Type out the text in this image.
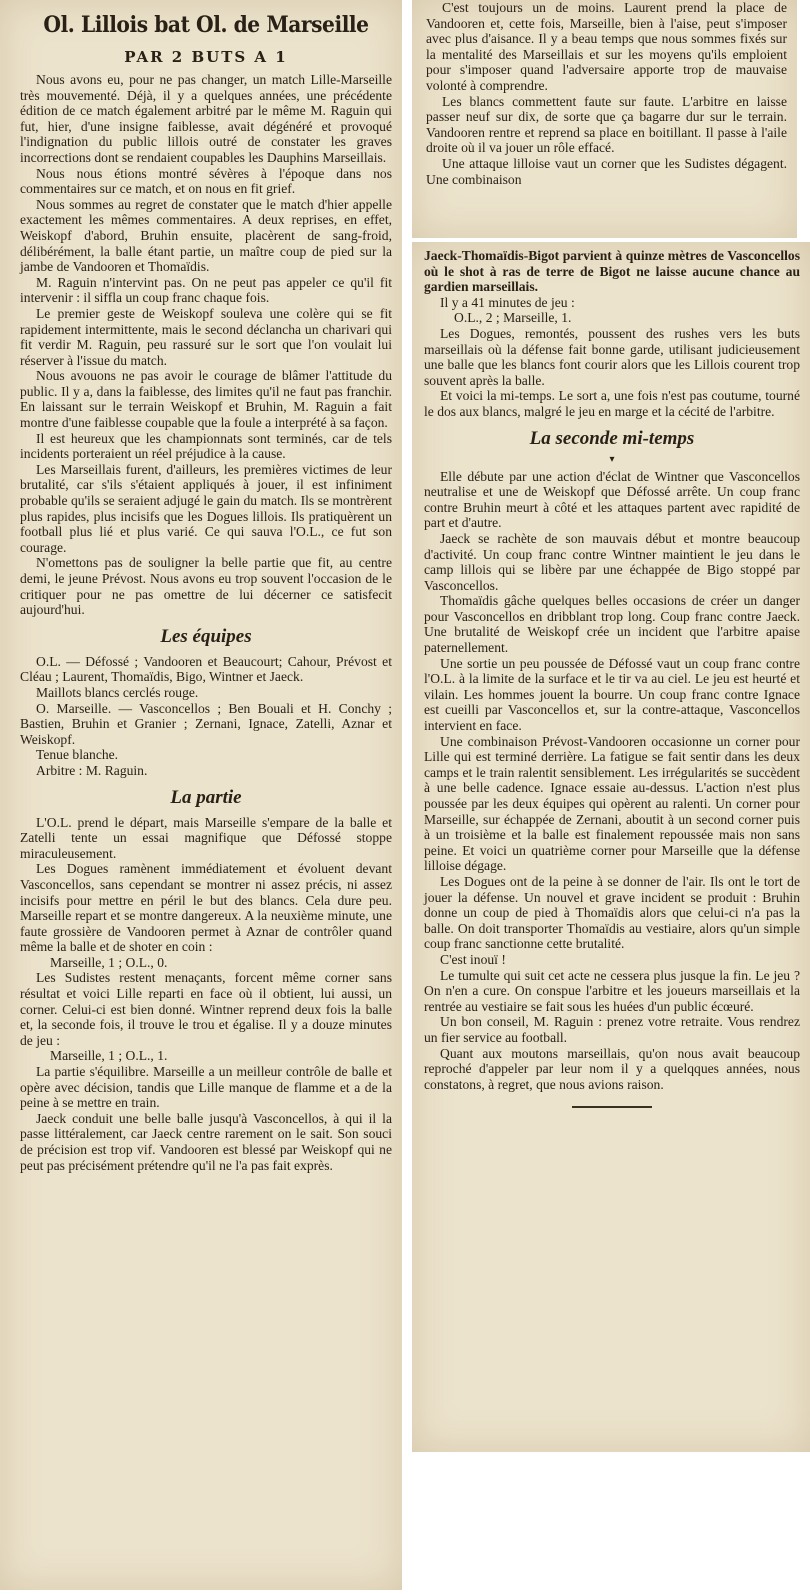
Ol. Lillois bat Ol. de Marseille
PAR 2 BUTS A 1

Nous avons eu, pour ne pas changer, un match Lille-Marseille très mouvementé. Déjà, il y a quelques années, une précédente édition de ce match également arbitré par le même M. Raguin qui fut, hier, d'une insigne faiblesse, avait dégénéré et provoqué l'indignation du public lillois outré de constater les graves incorrections dont se rendaient coupables les Dauphins Marseillais.

Nous nous étions montré sévères à l'époque dans nos commentaires sur ce match, et on nous en fit grief.

Nous sommes au regret de constater que le match d'hier appelle exactement les mêmes commentaires. A deux reprises, en effet, Weiskopf d'abord, Bruhin ensuite, placèrent de sang-froid, délibérément, la balle étant partie, un maître coup de pied sur la jambe de Vandooren et Thomaïdis.

M. Raguin n'intervint pas. On ne peut pas appeler ce qu'il fit intervenir : il siffla un coup franc chaque fois.

Le premier geste de Weiskopf souleva une colère qui se fit rapidement intermittente, mais le second déclancha un charivari qui fit verdir M. Raguin, peu rassuré sur le sort que l'on voulait lui réserver à l'issue du match.

Nous avouons ne pas avoir le courage de blâmer l'attitude du public. Il y a, dans la faiblesse, des limites qu'il ne faut pas franchir. En laissant sur le terrain Weiskopf et Bruhin, M. Raguin a fait montre d'une faiblesse coupable que la foule a interprété à sa façon.

Il est heureux que les championnats sont terminés, car de tels incidents porteraient un réel préjudice à la cause.

Les Marseillais furent, d'ailleurs, les premières victimes de leur brutalité, car s'ils s'étaient appliqués à jouer, il est infiniment probable qu'ils se seraient adjugé le gain du match. Ils se montrèrent plus rapides, plus incisifs que les Dogues lillois. Ils pratiquèrent un football plus lié et plus varié. Ce qui sauva l'O.L., ce fut son courage.

N'omettons pas de souligner la belle partie que fit, au centre demi, le jeune Prévost. Nous avons eu trop souvent l'occasion de le critiquer pour ne pas omettre de lui décerner ce satisfecit aujourd'hui.

Les équipes

O.L. — Défossé ; Vandooren et Beaucourt; Cahour, Prévost et Cléau ; Laurent, Thomaïdis, Bigo, Wintner et Jaeck.

Maillots blancs cerclés rouge.

O. Marseille. — Vasconcellos ; Ben Bouali et H. Conchy ; Bastien, Bruhin et Granier ; Zernani, Ignace, Zatelli, Aznar et Weiskopf.

Tenue blanche.

Arbitre : M. Raguin.

La partie

L'O.L. prend le départ, mais Marseille s'empare de la balle et Zatelli tente un essai magnifique que Défossé stoppe miraculeusement.

Les Dogues ramènent immédiatement et évoluent devant Vasconcellos, sans cependant se montrer ni assez précis, ni assez incisifs pour mettre en péril le but des blancs. Cela dure peu. Marseille repart et se montre dangereux. A la neuxième minute, une faute grossière de Vandooren permet à Aznar de contrôler quand même la balle et de shoter en coin :

Marseille, 1 ; O.L., 0.

Les Sudistes restent menaçants, forcent même corner sans résultat et voici Lille reparti en face où il obtient, lui aussi, un corner. Celui-ci est bien donné. Wintner reprend deux fois la balle et, la seconde fois, il trouve le trou et égalise. Il y a douze minutes de jeu :

Marseille, 1 ; O.L., 1.

La partie s'équilibre. Marseille a un meilleur contrôle de balle et opère avec décision, tandis que Lille manque de flamme et a de la peine à se mettre en train.

Jaeck conduit une belle balle jusqu'à Vasconcellos, à qui il la passe littéralement, car Jaeck centre rarement on le sait. Son souci de précision est trop vif. Vandooren est blessé par Weiskopf qui ne peut pas précisément prétendre qu'il ne l'a pas fait exprès.

C'est toujours un de moins. Laurent prend la place de Vandooren et, cette fois, Marseille, bien à l'aise, peut s'imposer avec plus d'aisance. Il y a beau temps que nous sommes fixés sur la mentalité des Marseillais et sur les moyens qu'ils emploient pour s'imposer quand l'adversaire apporte trop de mauvaise volonté à comprendre.

Les blancs commettent faute sur faute. L'arbitre en laisse passer neuf sur dix, de sorte que ça bagarre dur sur le terrain. Vandooren rentre et reprend sa place en boitillant. Il passe à l'aile droite où il va jouer un rôle effacé.

Une attaque lilloise vaut un corner que les Sudistes dégagent. Une combinaison

Jaeck-Thomaïdis-Bigot parvient à quinze mètres de Vasconcellos où le shot à ras de terre de Bigot ne laisse aucune chance au gardien marseillais.

Il y a 41 minutes de jeu :

O.L., 2 ; Marseille, 1.

Les Dogues, remontés, poussent des rushes vers les buts marseillais où la défense fait bonne garde, utilisant judicieusement une balle que les blancs font courir alors que les Lillois courent trop souvent après la balle.

Et voici la mi-temps. Le sort a, une fois n'est pas coutume, tourné le dos aux blancs, malgré le jeu en marge et la cécité de l'arbitre.

La seconde mi-temps
▾

Elle débute par une action d'éclat de Wintner que Vasconcellos neutralise et une de Weiskopf que Défossé arrête. Un coup franc contre Bruhin meurt à côté et les attaques partent avec rapidité de part et d'autre.

Jaeck se rachète de son mauvais début et montre beaucoup d'activité. Un coup franc contre Wintner maintient le jeu dans le camp lillois qui se libère par une échappée de Bigo stoppé par Vasconcellos.

Thomaïdis gâche quelques belles occasions de créer un danger pour Vasconcellos en dribblant trop long. Coup franc contre Jaeck. Une brutalité de Weiskopf crée un incident que l'arbitre apaise paternellement.

Une sortie un peu poussée de Défossé vaut un coup franc contre l'O.L. à la limite de la surface et le tir va au ciel. Le jeu est heurté et vilain. Les hommes jouent la bourre. Un coup franc contre Ignace est cueilli par Vasconcellos et, sur la contre-attaque, Vasconcellos intervient en face.

Une combinaison Prévost-Vandooren occasionne un corner pour Lille qui est terminé derrière. La fatigue se fait sentir dans les deux camps et le train ralentit sensiblement. Les irrégularités se succèdent à une belle cadence. Ignace essaie au-dessus. L'action n'est plus poussée par les deux équipes qui opèrent au ralenti. Un corner pour Marseille, sur échappée de Zernani, aboutit à un second corner puis à un troisième et la balle est finalement repoussée mais non sans peine. Et voici un quatrième corner pour Marseille que la défense lilloise dégage.

Les Dogues ont de la peine à se donner de l'air. Ils ont le tort de jouer la défense. Un nouvel et grave incident se produit : Bruhin donne un coup de pied à Thomaïdis alors que celui-ci n'a pas la balle. On doit transporter Thomaïdis au vestiaire, alors qu'un simple coup franc sanctionne cette brutalité.

C'est inouï !

Le tumulte qui suit cet acte ne cessera plus jusque la fin. Le jeu ? On n'en a cure. On conspue l'arbitre et les joueurs marseillais et la rentrée au vestiaire se fait sous les huées d'un public écœuré.

Un bon conseil, M. Raguin : prenez votre retraite. Vous rendrez un fier service au football.

Quant aux moutons marseillais, qu'on nous avait beaucoup reproché d'appeler par leur nom il y a quelqques années, nous constatons, à regret, que nous avions raison.
